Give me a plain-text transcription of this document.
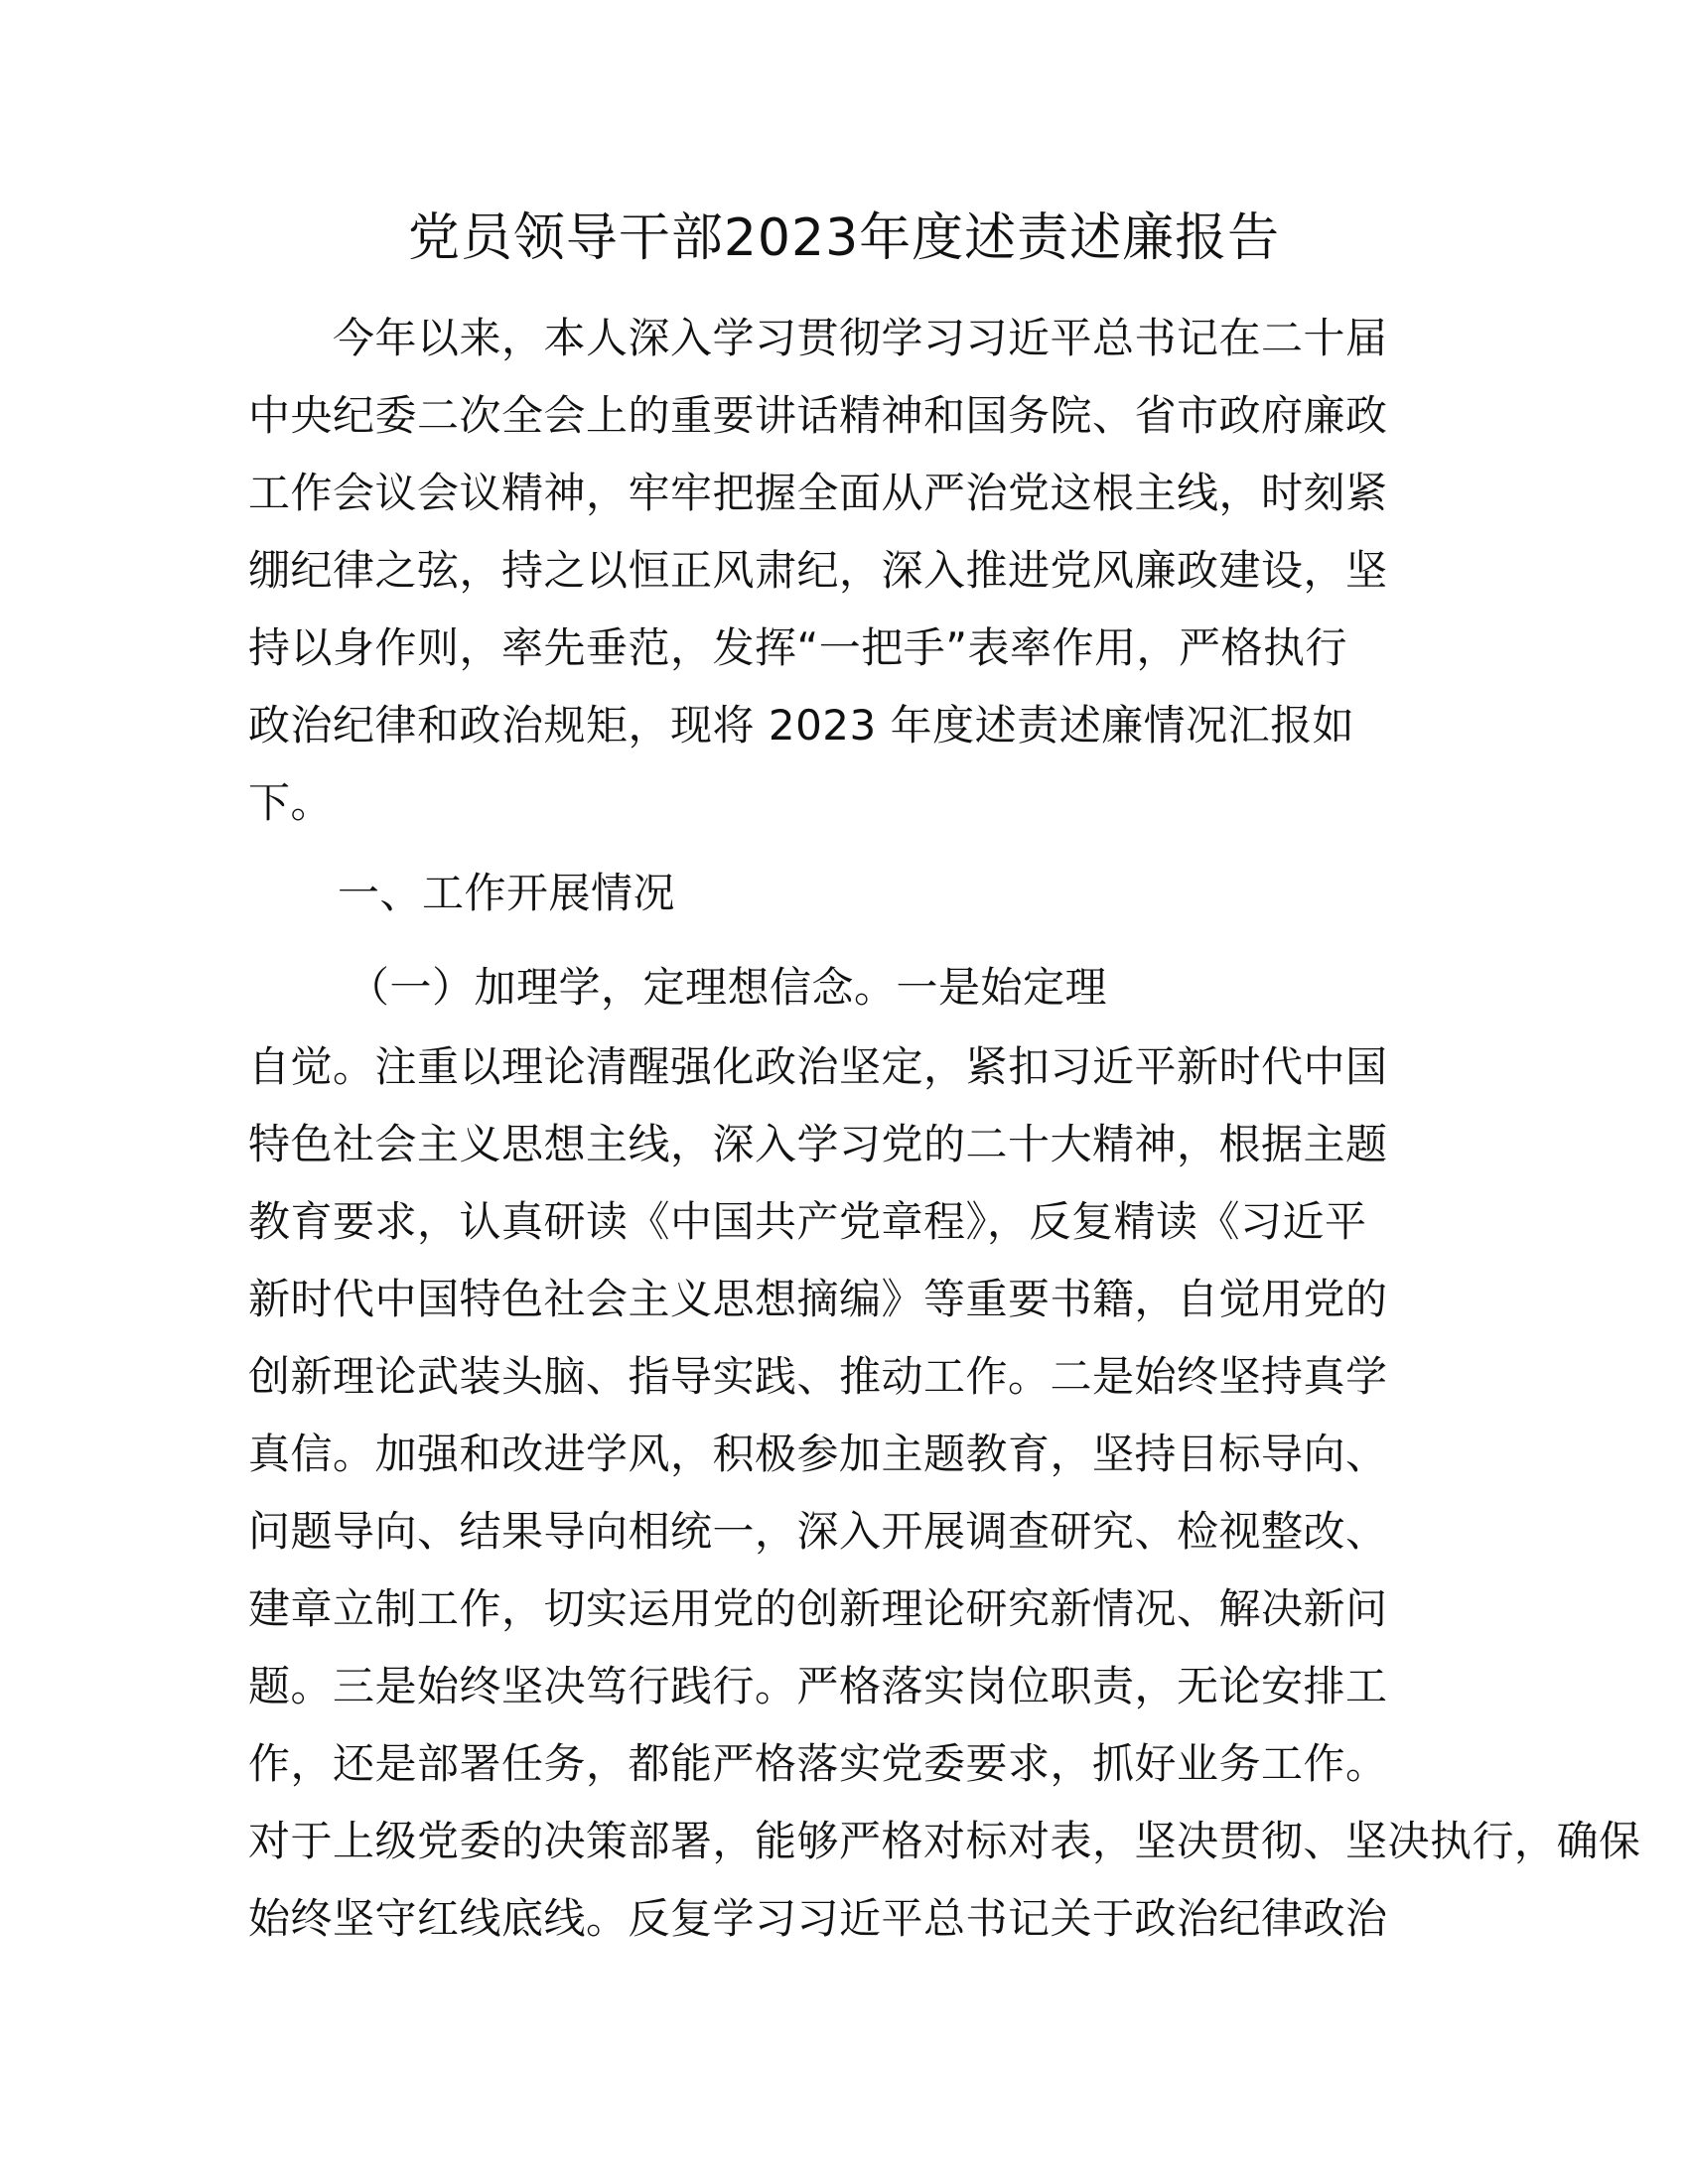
党员领导干部2023年度述责述廉报告
今年以来，本人深入学习贯彻学习习近平总书记在二十届
中央纪委二次全会上的重要讲话精神和国务院、省市政府廉政
工作会议会议精神，牢牢把握全面从严治党这根主线，时刻紧
绷纪律之弦，持之以恒正风肃纪，深入推进党风廉政建设，坚
持以身作则，率先垂范，发挥“一把手”表率作用，严格执行
政治纪律和政治规矩，现将 2023 年度述责述廉情况汇报如
下。
一、工作开展情况
（一）加理学，定理想信念。一是始定理
自觉。注重以理论清醒强化政治坚定，紧扣习近平新时代中国
特色社会主义思想主线，深入学习党的二十大精神，根据主题
教育要求，认真研读《中国共产党章程》，反复精读《习近平
新时代中国特色社会主义思想摘编》等重要书籍，自觉用党的
创新理论武装头脑、指导实践、推动工作。二是始终坚持真学
真信。加强和改进学风，积极参加主题教育，坚持目标导向、
问题导向、结果导向相统一，深入开展调查研究、检视整改、
建章立制工作，切实运用党的创新理论研究新情况、解决新问
题。三是始终坚决笃行践行。严格落实岗位职责，无论安排工
作，还是部署任务，都能严格落实党委要求，抓好业务工作。
对于上级党委的决策部署，能够严格对标对表，坚决贯彻、坚决执行，确保
始终坚守红线底线。反复学习习近平总书记关于政治纪律政治
